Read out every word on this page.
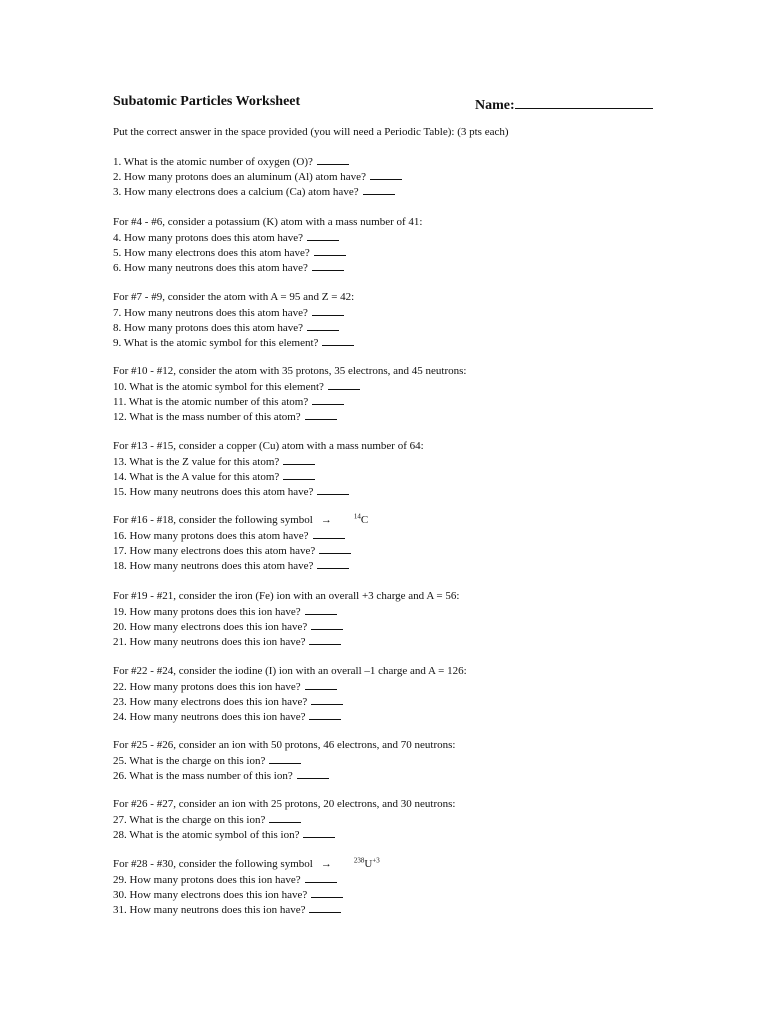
Subatomic Particles Worksheet	Name:
Put the correct answer in the space provided (you will need a Periodic Table): (3 pts each)
1. What is the atomic number of oxygen (O)?
2. How many protons does an aluminum (Al) atom have?
3. How many electrons does a calcium (Ca) atom have?
For #4 - #6, consider a potassium (K) atom with a mass number of 41:
4. How many protons does this atom have?
5. How many electrons does this atom have?
6. How many neutrons does this atom have?
For #7 - #9, consider the atom with A = 95 and Z = 42:
7. How many neutrons does this atom have?
8. How many protons does this atom have?
9. What is the atomic symbol for this element?
For #10 - #12, consider the atom with 35 protons, 35 electrons, and 45 neutrons:
10. What is the atomic symbol for this element?
11. What is the atomic number of this atom?
12. What is the mass number of this atom?
For #13 - #15, consider a copper (Cu) atom with a mass number of 64:
13. What is the Z value for this atom?
14. What is the A value for this atom?
15. How many neutrons does this atom have?
For #16 - #18, consider the following symbol →	$^{14}$C
16. How many protons does this atom have?
17. How many electrons does this atom have?
18. How many neutrons does this atom have?
For #19 - #21, consider the iron (Fe) ion with an overall +3 charge and A = 56:
19. How many protons does this ion have?
20. How many electrons does this ion have?
21. How many neutrons does this ion have?
For #22 - #24, consider the iodine (I) ion with an overall –1 charge and A = 126:
22. How many protons does this ion have?
23. How many electrons does this ion have?
24. How many neutrons does this ion have?
For #25 - #26, consider an ion with 50 protons, 46 electrons, and 70 neutrons:
25. What is the charge on this ion?
26. What is the mass number of this ion?
For #26 - #27, consider an ion with 25 protons, 20 electrons, and 30 neutrons:
27. What is the charge on this ion?
28. What is the atomic symbol of this ion?
For #28 - #30, consider the following symbol →	$^{238}U^{+3}$
29. How many protons does this ion have?
30. How many electrons does this ion have?
31. How many neutrons does this ion have?
